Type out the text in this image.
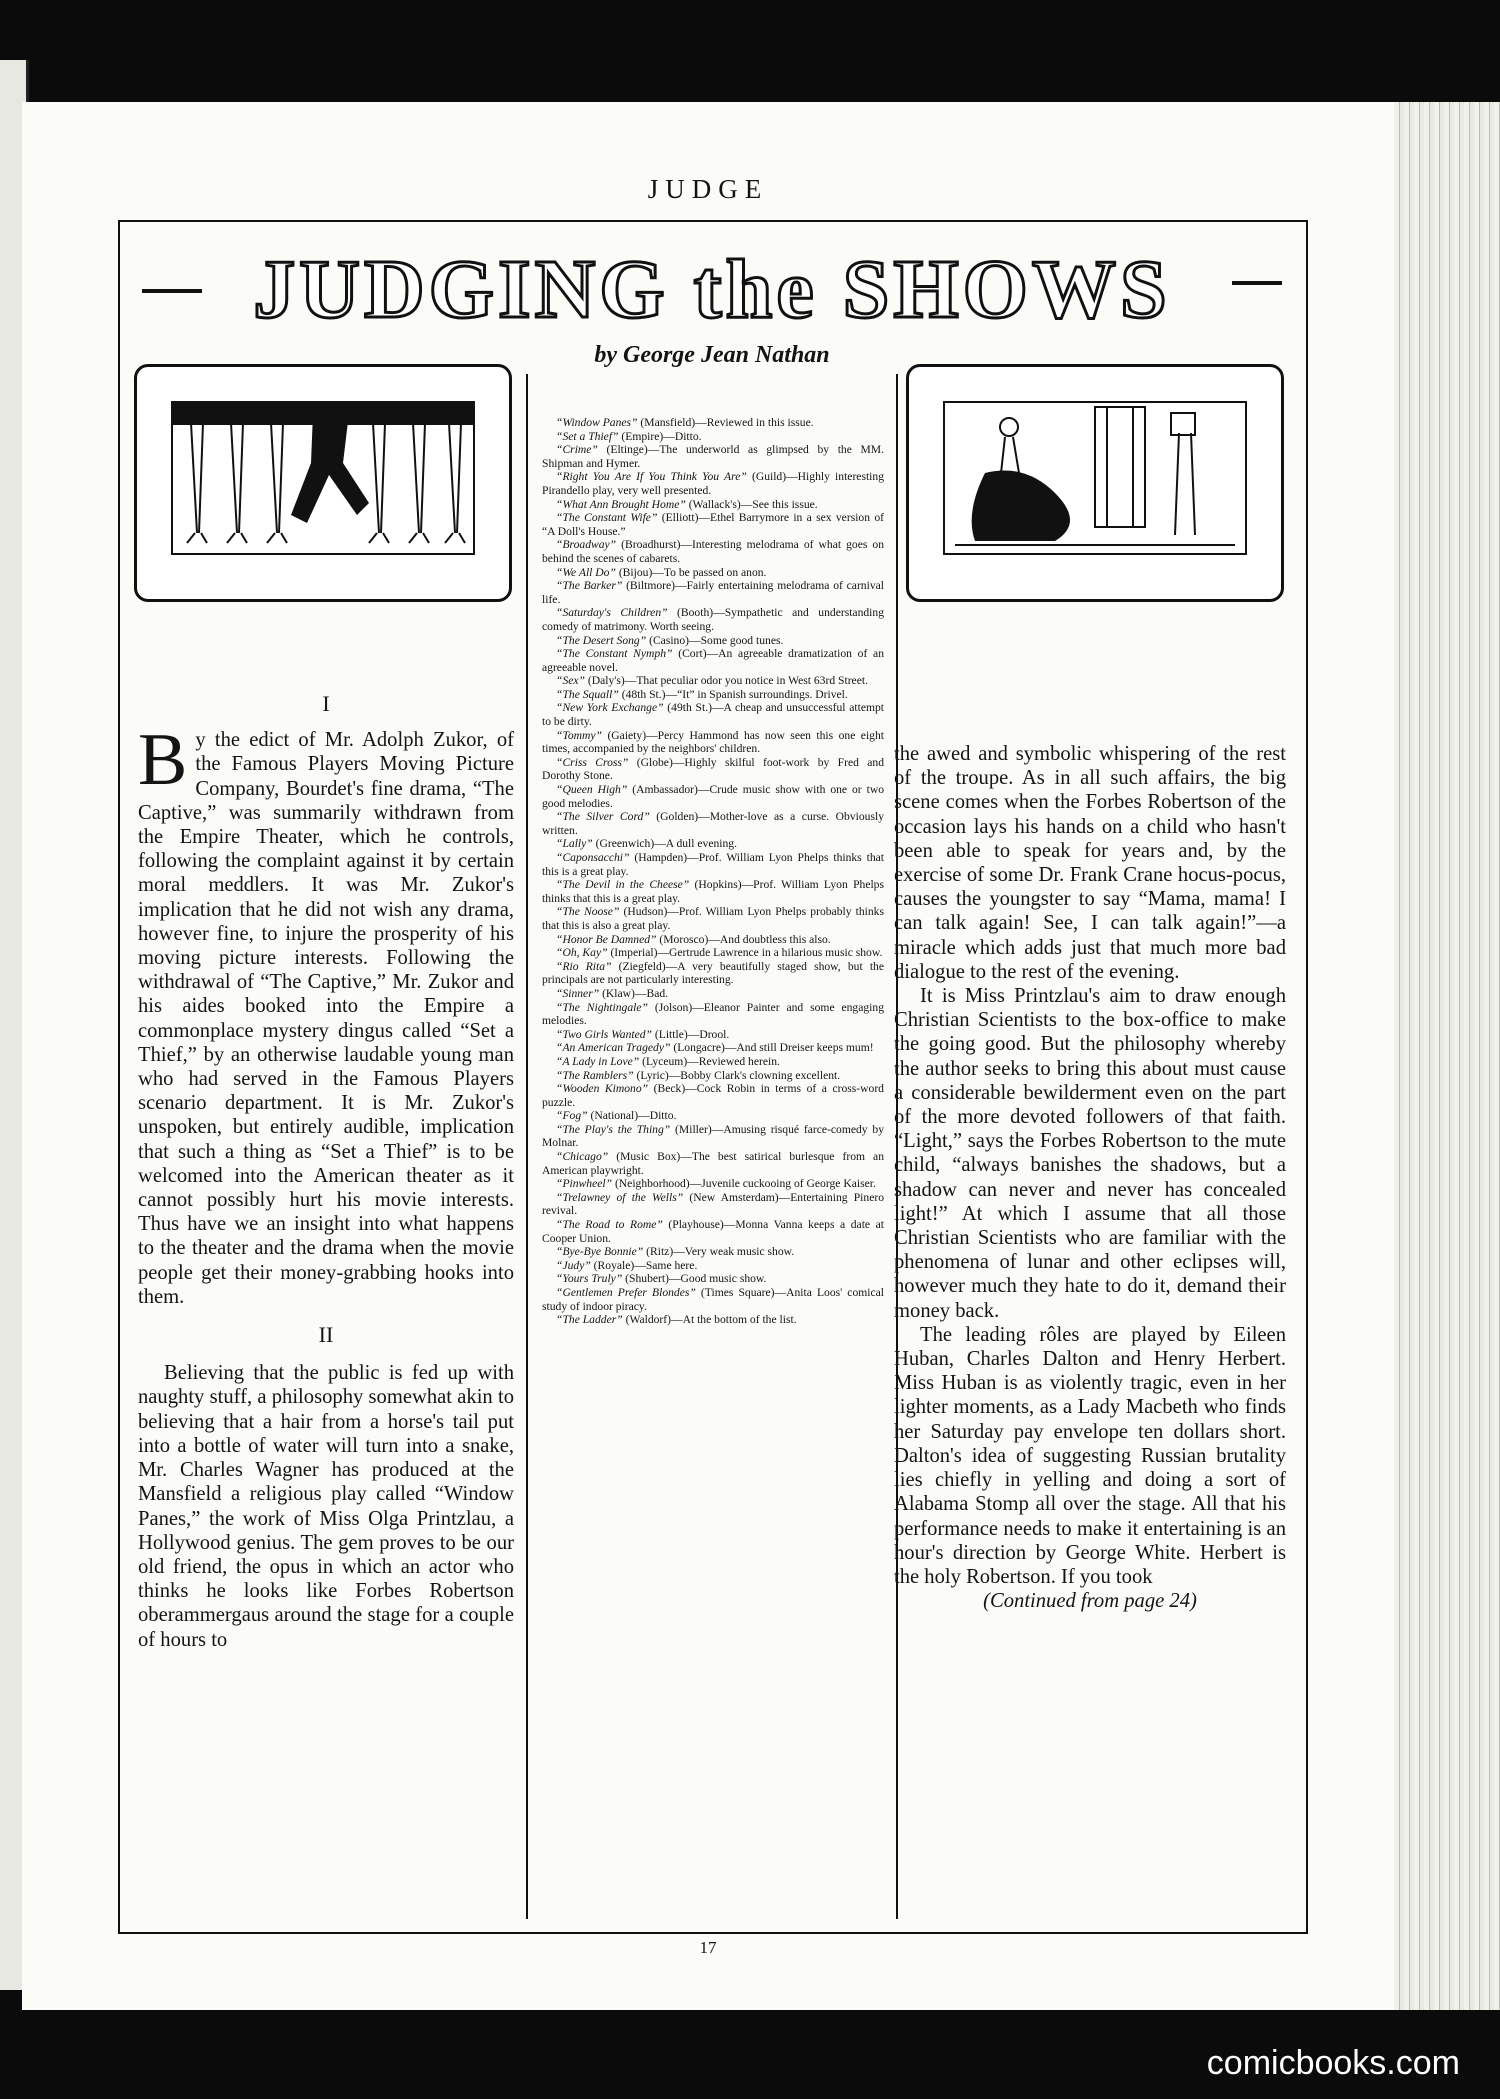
JUDGE
JUDGING the SHOWS
by George Jean Nathan
I

By the edict of Mr. Adolph Zukor, of the Famous Players Moving Picture Company, Bourdet's fine drama, “The Captive,” was summarily withdrawn from the Empire Theater, which he controls, following the complaint against it by certain moral meddlers. It was Mr. Zukor's implication that he did not wish any drama, however fine, to injure the prosperity of his moving picture interests. Following the withdrawal of “The Captive,” Mr. Zukor and his aides booked into the Empire a commonplace mystery dingus called “Set a Thief,” by an otherwise laudable young man who had served in the Famous Players scenario department. It is Mr. Zukor's unspoken, but entirely audible, implication that such a thing as “Set a Thief” is to be welcomed into the American theater as it cannot possibly hurt his movie interests. Thus have we an insight into what happens to the theater and the drama when the movie people get their money-grabbing hooks into them.

II

Believing that the public is fed up with naughty stuff, a philosophy somewhat akin to believing that a hair from a horse's tail put into a bottle of water will turn into a snake, Mr. Charles Wagner has produced at the Mansfield a religious play called “Window Panes,” the work of Miss Olga Printzlau, a Hollywood genius. The gem proves to be our old friend, the opus in which an actor who thinks he looks like Forbes Robertson oberammergaus around the stage for a couple of hours to

“Window Panes” (Mansfield)—Reviewed in this issue.

“Set a Thief” (Empire)—Ditto.

“Crime” (Eltinge)—The underworld as glimpsed by the MM. Shipman and Hymer.

“Right You Are If You Think You Are” (Guild)—Highly interesting Pirandello play, very well presented.

“What Ann Brought Home” (Wallack's)—See this issue.

“The Constant Wife” (Elliott)—Ethel Barrymore in a sex version of “A Doll's House.”

“Broadway” (Broadhurst)—Interesting melodrama of what goes on behind the scenes of cabarets.

“We All Do” (Bijou)—To be passed on anon.

“The Barker” (Biltmore)—Fairly entertaining melodrama of carnival life.

“Saturday's Children” (Booth)—Sympathetic and understanding comedy of matrimony. Worth seeing.

“The Desert Song” (Casino)—Some good tunes.

“The Constant Nymph” (Cort)—An agreeable dramatization of an agreeable novel.

“Sex” (Daly's)—That peculiar odor you notice in West 63rd Street.

“The Squall” (48th St.)—“It” in Spanish surroundings. Drivel.

“New York Exchange” (49th St.)—A cheap and unsuccessful attempt to be dirty.

“Tommy” (Gaiety)—Percy Hammond has now seen this one eight times, accompanied by the neighbors' children.

“Criss Cross” (Globe)—Highly skilful foot-work by Fred and Dorothy Stone.

“Queen High” (Ambassador)—Crude music show with one or two good melodies.

“The Silver Cord” (Golden)—Mother-love as a curse. Obviously written.

“Lally” (Greenwich)—A dull evening.

“Caponsacchi” (Hampden)—Prof. William Lyon Phelps thinks that this is a great play.

“The Devil in the Cheese” (Hopkins)—Prof. William Lyon Phelps thinks that this is a great play.

“The Noose” (Hudson)—Prof. William Lyon Phelps probably thinks that this is also a great play.

“Honor Be Damned” (Morosco)—And doubtless this also.

“Oh, Kay” (Imperial)—Gertrude Lawrence in a hilarious music show.

“Rio Rita” (Ziegfeld)—A very beautifully staged show, but the principals are not particularly interesting.

“Sinner” (Klaw)—Bad.

“The Nightingale” (Jolson)—Eleanor Painter and some engaging melodies.

“Two Girls Wanted” (Little)—Drool.

“An American Tragedy” (Longacre)—And still Dreiser keeps mum!

“A Lady in Love” (Lyceum)—Reviewed herein.

“The Ramblers” (Lyric)—Bobby Clark's clowning excellent.

“Wooden Kimono” (Beck)—Cock Robin in terms of a cross-word puzzle.

“Fog” (National)—Ditto.

“The Play's the Thing” (Miller)—Amusing risqué farce-comedy by Molnar.

“Chicago” (Music Box)—The best satirical burlesque from an American playwright.

“Pinwheel” (Neighborhood)—Juvenile cuckooing of George Kaiser.

“Trelawney of the Wells” (New Amsterdam)—Entertaining Pinero revival.

“The Road to Rome” (Playhouse)—Monna Vanna keeps a date at Cooper Union.

“Bye-Bye Bonnie” (Ritz)—Very weak music show.

“Judy” (Royale)—Same here.

“Yours Truly” (Shubert)—Good music show.

“Gentlemen Prefer Blondes” (Times Square)—Anita Loos' comical study of indoor piracy.

“The Ladder” (Waldorf)—At the bottom of the list.

the awed and symbolic whispering of the rest of the troupe. As in all such affairs, the big scene comes when the Forbes Robertson of the occasion lays his hands on a child who hasn't been able to speak for years and, by the exercise of some Dr. Frank Crane hocus-pocus, causes the youngster to say “Mama, mama! I can talk again! See, I can talk again!”—a miracle which adds just that much more bad dialogue to the rest of the evening.

It is Miss Printzlau's aim to draw enough Christian Scientists to the box-office to make the going good. But the philosophy whereby the author seeks to bring this about must cause a considerable bewilderment even on the part of the more devoted followers of that faith. “Light,” says the Forbes Robertson to the mute child, “always banishes the shadows, but a shadow can never and never has concealed light!” At which I assume that all those Christian Scientists who are familiar with the phenomena of lunar and other eclipses will, however much they hate to do it, demand their money back.

The leading rôles are played by Eileen Huban, Charles Dalton and Henry Herbert. Miss Huban is as violently tragic, even in her lighter moments, as a Lady Macbeth who finds her Saturday pay envelope ten dollars short. Dalton's idea of suggesting Russian brutality lies chiefly in yelling and doing a sort of Alabama Stomp all over the stage. All that his performance needs to make it entertaining is an hour's direction by George White. Herbert is the holy Robertson. If you took

(Continued from page 24)
17
comicbooks.com
